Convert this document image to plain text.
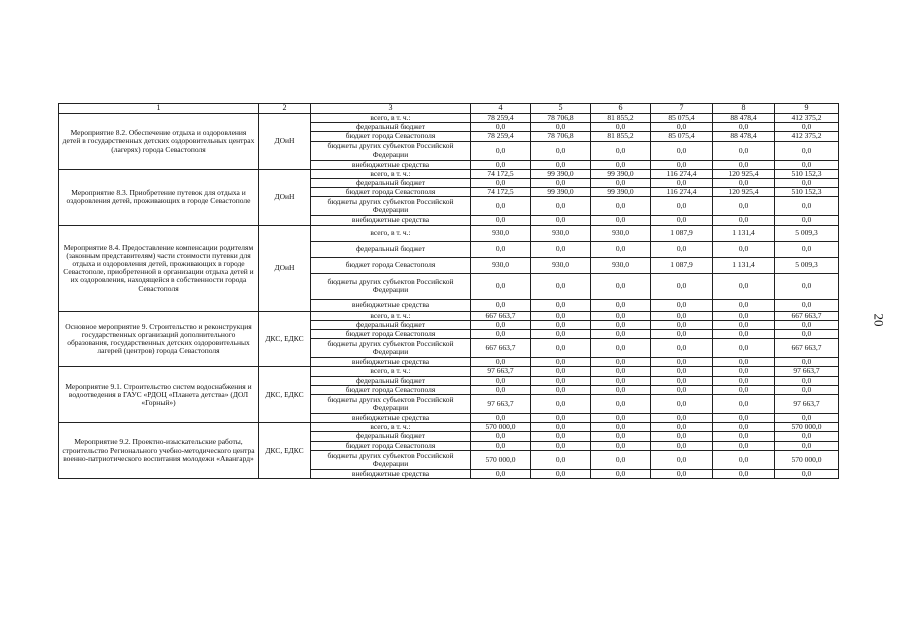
1	2	3	4	5	6	7	8	9
Мероприятие 8.2. Обеспечение отдыха и оздоровления детей в государственных детских оздоровительных центрах (лагерях) города Севастополя	ДОиН	всего, в т. ч.:	78 259,4	78 706,8	81 855,2	85 075,4	88 478,4	412 375,2
		федеральный бюджет	0,0	0,0	0,0	0,0	0,0	0,0
		бюджет города Севастополя	78 259,4	78 706,8	81 855,2	85 075,4	88 478,4	412 375,2
		бюджеты других субъектов Российской Федерации	0,0	0,0	0,0	0,0	0,0	0,0
		внебюджетные средства	0,0	0,0	0,0	0,0	0,0	0,0
Мероприятие 8.3. Приобретение путевок для отдыха и оздоровления детей, проживающих в городе Севастополе	ДОиН	всего, в т. ч.:	74 172,5	99 390,0	99 390,0	116 274,4	120 925,4	510 152,3
		федеральный бюджет	0,0	0,0	0,0	0,0	0,0	0,0
		бюджет города Севастополя	74 172,5	99 390,0	99 390,0	116 274,4	120 925,4	510 152,3
		бюджеты других субъектов Российской Федерации	0,0	0,0	0,0	0,0	0,0	0,0
		внебюджетные средства	0,0	0,0	0,0	0,0	0,0	0,0
Мероприятие 8.4. Предоставление компенсации родителям (законным представителям) части стоимости путевки для отдыха и оздоровления детей, проживающих в городе Севастополе, приобретенной в организации отдыха детей и их оздоровления, находящейся в собственности города Севастополя	ДОиН	всего, в т. ч.:	930,0	930,0	930,0	1 087,9	1 131,4	5 009,3
		федеральный бюджет	0,0	0,0	0,0	0,0	0,0	0,0
		бюджет города Севастополя	930,0	930,0	930,0	1 087,9	1 131,4	5 009,3
		бюджеты других субъектов Российской Федерации	0,0	0,0	0,0	0,0	0,0	0,0
		внебюджетные средства	0,0	0,0	0,0	0,0	0,0	0,0
Основное мероприятие 9. Строительство и реконструкция государственных организаций дополнительного образования, государственных детских оздоровительных лагерей (центров) города Севастополя	ДКС, ЕДКС	всего, в т. ч.:	667 663,7	0,0	0,0	0,0	0,0	667 663,7
		федеральный бюджет	0,0	0,0	0,0	0,0	0,0	0,0
		бюджет города Севастополя	0,0	0,0	0,0	0,0	0,0	0,0
		бюджеты других субъектов Российской Федерации	667 663,7	0,0	0,0	0,0	0,0	667 663,7
		внебюджетные средства	0,0	0,0	0,0	0,0	0,0	0,0
Мероприятие 9.1. Строительство систем водоснабжения и водоотведения в ГАУС «РДОЦ «Планета детства» (ДОЛ «Горный»)	ДКС, ЕДКС	всего, в т. ч.:	97 663,7	0,0	0,0	0,0	0,0	97 663,7
		федеральный бюджет	0,0	0,0	0,0	0,0	0,0	0,0
		бюджет города Севастополя	0,0	0,0	0,0	0,0	0,0	0,0
		бюджеты других субъектов Российской Федерации	97 663,7	0,0	0,0	0,0	0,0	97 663,7
		внебюджетные средства	0,0	0,0	0,0	0,0	0,0	0,0
Мероприятие 9.2. Проектно-изыскательские работы, строительство Регионального учебно-методического центра военно-патриотического воспитания молодежи «Авангард»	ДКС, ЕДКС	всего, в т. ч.:	570 000,0	0,0	0,0	0,0	0,0	570 000,0
		федеральный бюджет	0,0	0,0	0,0	0,0	0,0	0,0
		бюджет города Севастополя	0,0	0,0	0,0	0,0	0,0	0,0
		бюджеты других субъектов Российской Федерации	570 000,0	0,0	0,0	0,0	0,0	570 000,0
		внебюджетные средства	0,0	0,0	0,0	0,0	0,0	0,0
20
